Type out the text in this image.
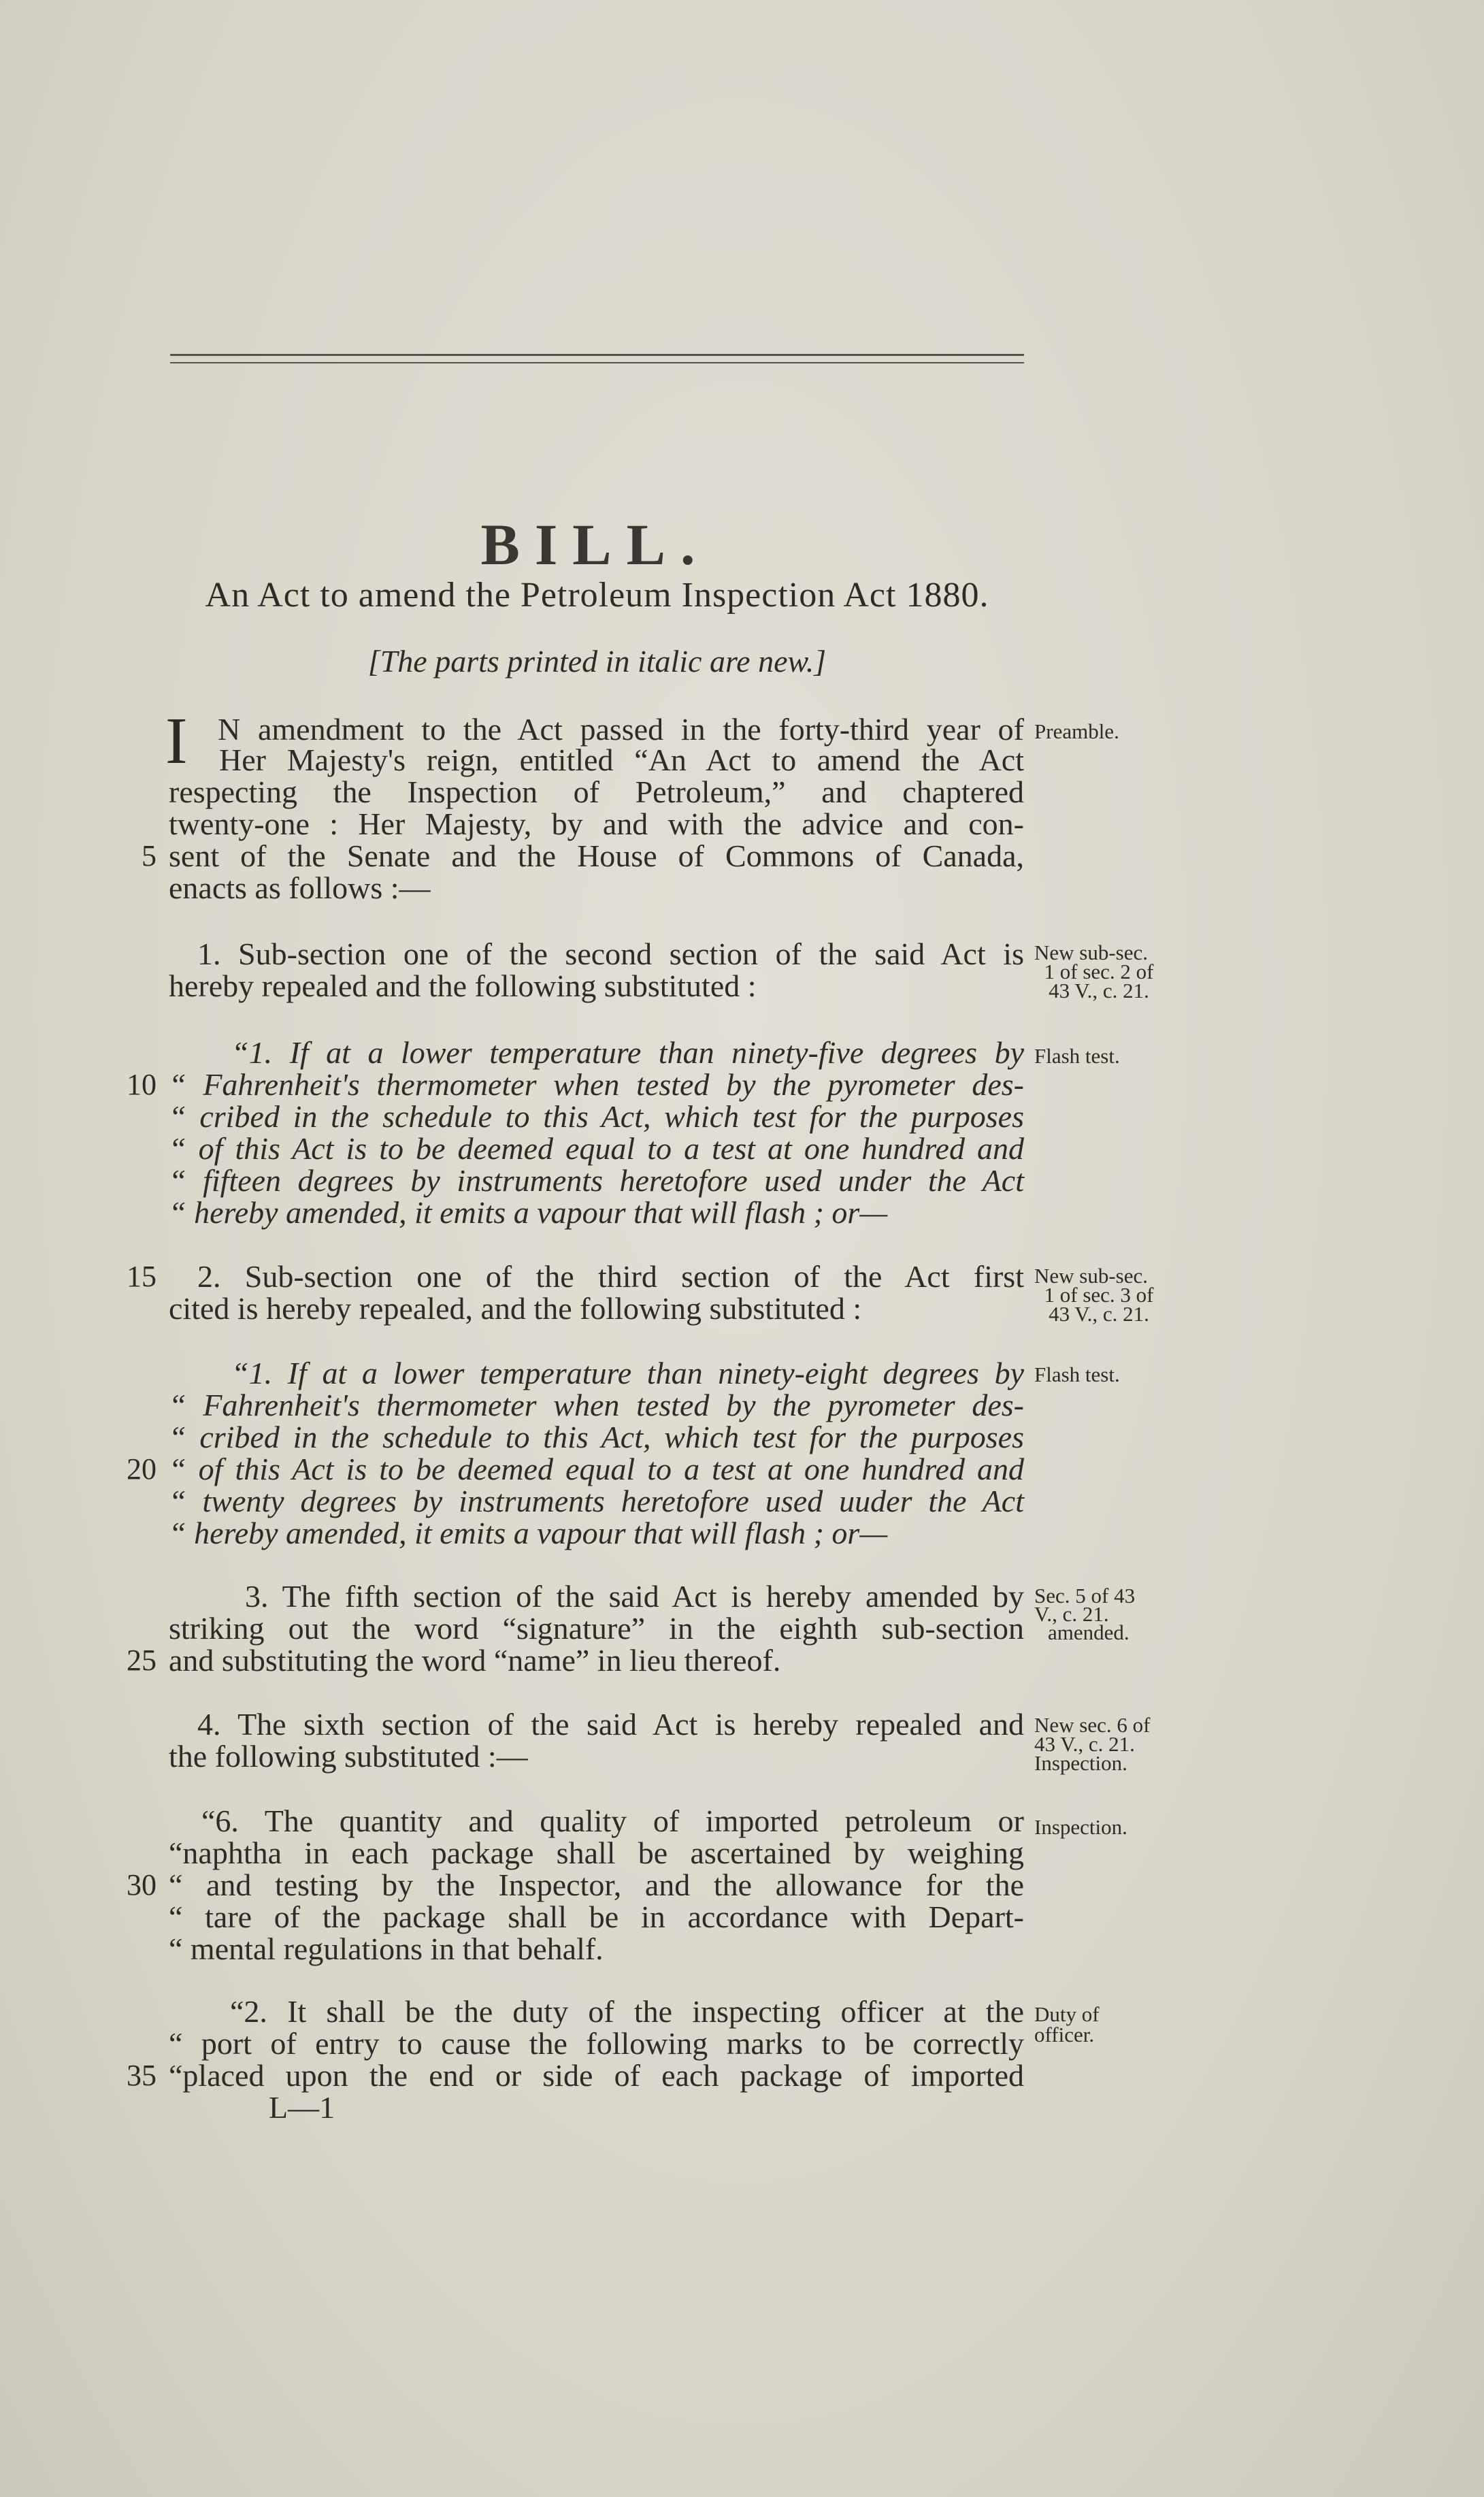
BILL.
An Act to amend the Petroleum Inspection Act 1880.
[The parts printed in italic are new.]
I N amendment to the Act passed in the forty-third year of
Her Majesty's reign, entitled “An Act to amend the Act
respecting the Inspection of Petroleum,” and chaptered
twenty-one : Her Majesty, by and with the advice and con-
sent of the Senate and the House of Commons of Canada,
enacts as follows :—
Preamble.
5
1. Sub-section one of the second section of the said Act is
hereby repealed and the following substituted :
New sub-sec.
1 of sec. 2 of
43 V., c. 21.
“1. If at a lower temperature than ninety-five degrees by
“ Fahrenheit's thermometer when tested by the pyrometer des-
“ cribed in the schedule to this Act, which test for the purposes
“ of this Act is to be deemed equal to a test at one hundred and
“ fifteen degrees by instruments heretofore used under the Act
“ hereby amended, it emits a vapour that will flash ; or—
Flash test.
10
2. Sub-section one of the third section of the Act first
cited is hereby repealed, and the following substituted :
New sub-sec.
1 of sec. 3 of
43 V., c. 21.
15
“1. If at a lower temperature than ninety-eight degrees by
“ Fahrenheit's thermometer when tested by the pyrometer des-
“ cribed in the schedule to this Act, which test for the purposes
“ of this Act is to be deemed equal to a test at one hundred and
“ twenty degrees by instruments heretofore used uuder the Act
“ hereby amended, it emits a vapour that will flash ; or—
Flash test.
20
3. The fifth section of the said Act is hereby amended by
striking out the word “signature” in the eighth sub-section
and substituting the word “name” in lieu thereof.
Sec. 5 of 43
V., c. 21.
amended.
25
4. The sixth section of the said Act is hereby repealed and
the following substituted :—
New sec. 6 of
43 V., c. 21.
Inspection.
“6. The quantity and quality of imported petroleum or
“naphtha in each package shall be ascertained by weighing
“ and testing by the Inspector, and the allowance for the
“ tare of the package shall be in accordance with Depart-
“ mental regulations in that behalf.
Inspection.
30
“2. It shall be the duty of the inspecting officer at the
“ port of entry to cause the following marks to be correctly
“placed upon the end or side of each package of imported
Duty of
officer.
35
L—1
